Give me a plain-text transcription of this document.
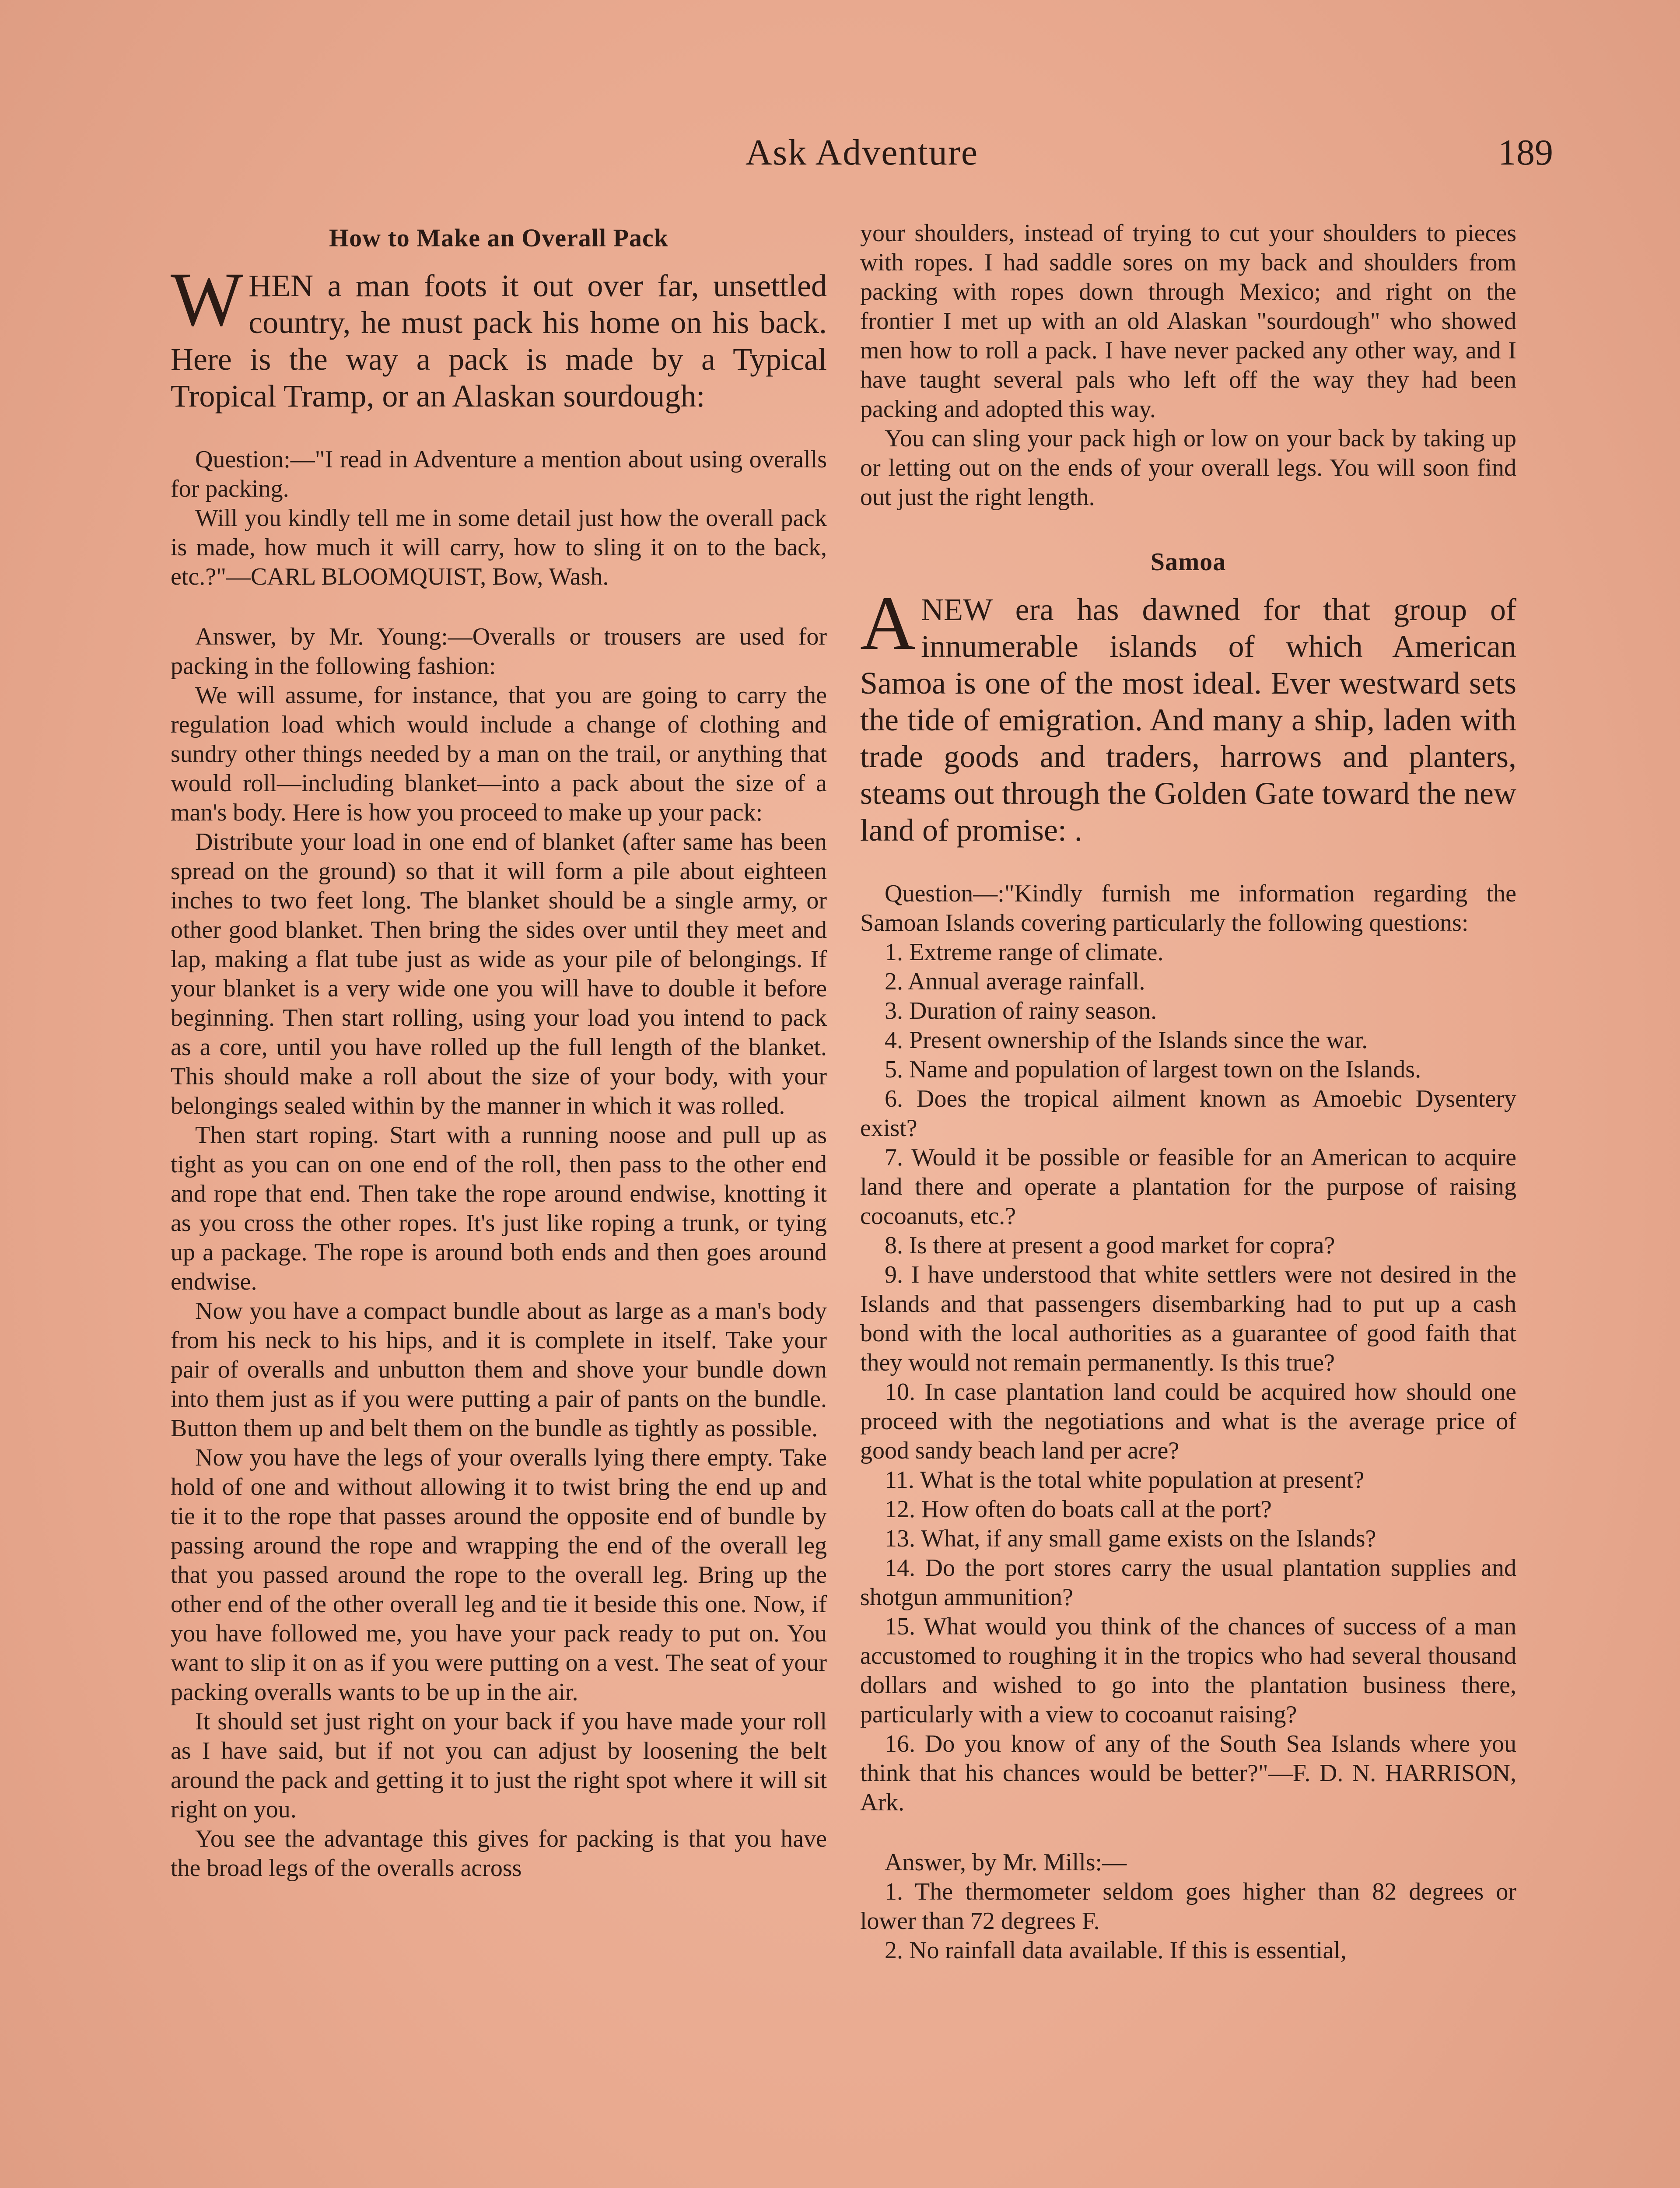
Ask Adventure	189
How to Make an Overall Pack
WHEN a man foots it out over far, unsettled country, he must pack his home on his back. Here is the way a pack is made by a Typical Tropical Tramp, or an Alaskan sourdough:

Question:—"I read in Adventure a mention about using overalls for packing.

Will you kindly tell me in some detail just how the overall pack is made, how much it will carry, how to sling it on to the back, etc.?"—CARL BLOOMQUIST, Bow, Wash.

Answer, by Mr. Young:—Overalls or trousers are used for packing in the following fashion:

We will assume, for instance, that you are going to carry the regulation load which would include a change of clothing and sundry other things needed by a man on the trail, or anything that would roll—including blanket—into a pack about the size of a man's body. Here is how you proceed to make up your pack:

Distribute your load in one end of blanket (after same has been spread on the ground) so that it will form a pile about eighteen inches to two feet long. The blanket should be a single army, or other good blanket. Then bring the sides over until they meet and lap, making a flat tube just as wide as your pile of belongings. If your blanket is a very wide one you will have to double it before beginning. Then start rolling, using your load you intend to pack as a core, until you have rolled up the full length of the blanket. This should make a roll about the size of your body, with your belongings sealed within by the manner in which it was rolled.

Then start roping. Start with a running noose and pull up as tight as you can on one end of the roll, then pass to the other end and rope that end. Then take the rope around endwise, knotting it as you cross the other ropes. It's just like roping a trunk, or tying up a package. The rope is around both ends and then goes around endwise.

Now you have a compact bundle about as large as a man's body from his neck to his hips, and it is complete in itself. Take your pair of overalls and unbutton them and shove your bundle down into them just as if you were putting a pair of pants on the bundle. Button them up and belt them on the bundle as tightly as possible.

Now you have the legs of your overalls lying there empty. Take hold of one and without allowing it to twist bring the end up and tie it to the rope that passes around the opposite end of bundle by passing around the rope and wrapping the end of the overall leg that you passed around the rope to the overall leg. Bring up the other end of the other overall leg and tie it beside this one. Now, if you have followed me, you have your pack ready to put on. You want to slip it on as if you were putting on a vest. The seat of your packing overalls wants to be up in the air.

It should set just right on your back if you have made your roll as I have said, but if not you can adjust by loosening the belt around the pack and getting it to just the right spot where it will sit right on you.

You see the advantage this gives for packing is that you have the broad legs of the overalls across

your shoulders, instead of trying to cut your shoulders to pieces with ropes. I had saddle sores on my back and shoulders from packing with ropes down through Mexico; and right on the frontier I met up with an old Alaskan "sourdough" who showed men how to roll a pack. I have never packed any other way, and I have taught several pals who left off the way they had been packing and adopted this way.

You can sling your pack high or low on your back by taking up or letting out on the ends of your overall legs. You will soon find out just the right length.

Samoa
ANEW era has dawned for that group of innumerable islands of which American Samoa is one of the most ideal. Ever westward sets the tide of emigration. And many a ship, laden with trade goods and traders, harrows and planters, steams out through the Golden Gate toward the new land of promise: .

Question—:"Kindly furnish me information regarding the Samoan Islands covering particularly the following questions:

1. Extreme range of climate.

2. Annual average rainfall.

3. Duration of rainy season.

4. Present ownership of the Islands since the war.

5. Name and population of largest town on the Islands.

6. Does the tropical ailment known as Amoebic Dysentery exist?

7. Would it be possible or feasible for an American to acquire land there and operate a plantation for the purpose of raising cocoanuts, etc.?

8. Is there at present a good market for copra?

9. I have understood that white settlers were not desired in the Islands and that passengers disembarking had to put up a cash bond with the local authorities as a guarantee of good faith that they would not remain permanently. Is this true?

10. In case plantation land could be acquired how should one proceed with the negotiations and what is the average price of good sandy beach land per acre?

11. What is the total white population at present?

12. How often do boats call at the port?

13. What, if any small game exists on the Islands?

14. Do the port stores carry the usual plantation supplies and shotgun ammunition?

15. What would you think of the chances of success of a man accustomed to roughing it in the tropics who had several thousand dollars and wished to go into the plantation business there, particularly with a view to cocoanut raising?

16. Do you know of any of the South Sea Islands where you think that his chances would be better?"—F. D. N. HARRISON, Ark.

Answer, by Mr. Mills:—

1. The thermometer seldom goes higher than 82 degrees or lower than 72 degrees F.

2. No rainfall data available. If this is essential,
